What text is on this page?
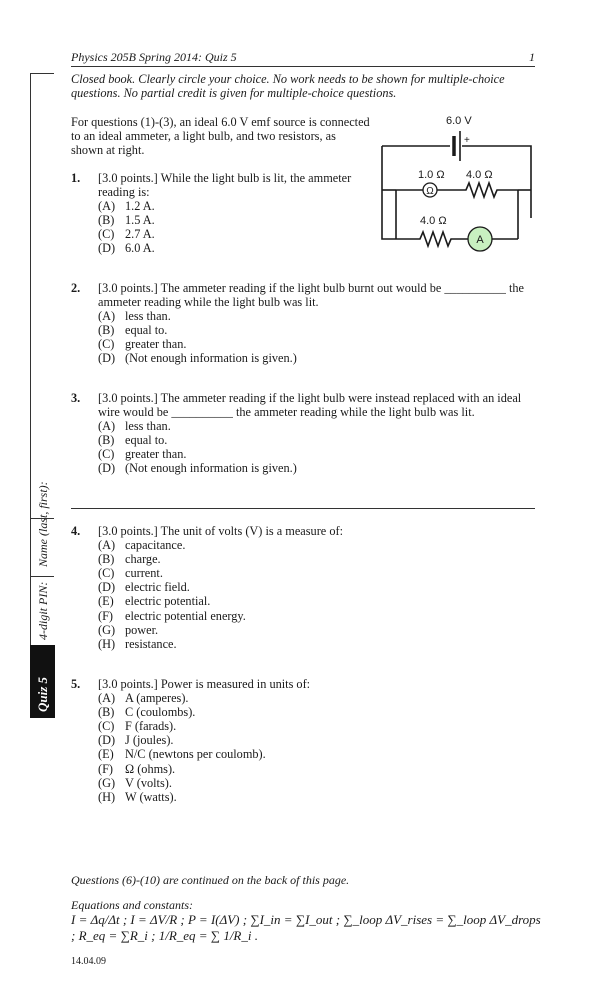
Physics 205B Spring 2014: Quiz 5	1
Quiz 5
4-digit PIN:
Name (last, first):
Closed book. Clearly circle your choice. No work needs to be shown for multiple-choice questions. No partial credit is given for multiple-choice questions.
For questions (1)-(3), an ideal 6.0 V emf source is connected to an ideal ammeter, a light bulb, and two resistors, as shown at right.
Ω
A
6.0 V
+
1.0 Ω 4.0 Ω
4.0 Ω
1. [3.0 points.] While the light bulb is lit, the ammeter reading is:
(A) 1.2 A.
(B) 1.5 A.
(C) 2.7 A.
(D) 6.0 A.
2. [3.0 points.] The ammeter reading if the light bulb burnt out would be __________ the ammeter reading while the light bulb was lit.
(A) less than.
(B) equal to.
(C) greater than.
(D) (Not enough information is given.)
3. [3.0 points.] The ammeter reading if the light bulb were instead replaced with an ideal wire would be __________ the ammeter reading while the light bulb was lit.
(A) less than.
(B) equal to.
(C) greater than.
(D) (Not enough information is given.)
4. [3.0 points.] The unit of volts (V) is a measure of:
(A) capacitance.
(B) charge.
(C) current.
(D) electric field.
(E) electric potential.
(F) electric potential energy.
(G) power.
(H) resistance.
5. [3.0 points.] Power is measured in units of:
(A) A (amperes).
(B) C (coulombs).
(C) F (farads).
(D) J (joules).
(E) N/C (newtons per coulomb).
(F) Ω (ohms).
(G) V (volts).
(H) W (watts).
Questions (6)-(10) are continued on the back of this page.
Equations and constants:
I = Δq/Δt ; I = ΔV/R ; P = I(ΔV) ; ∑I_in = ∑I_out ; ∑_loop ΔV_rises = ∑_loop ΔV_drops ; R_eq = ∑R_i ; 1/R_eq = ∑ 1/R_i .
14.04.09
